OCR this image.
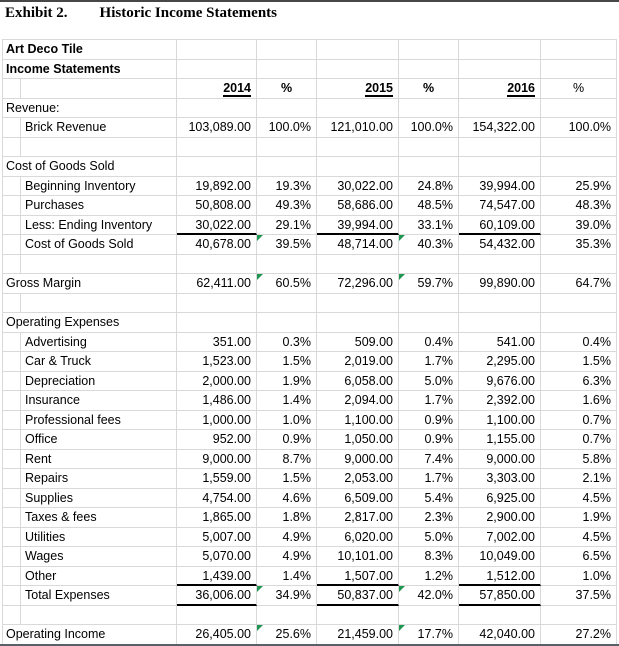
Exhibit 2. Historic Income Statements
Art Deco Tile
Income Statements
2014	%	2015	%	2016	%
Revenue:
Brick Revenue	103,089.00	100.0%	121,010.00	100.0%	154,322.00	100.0%
Cost of Goods Sold
Beginning Inventory	19,892.00	19.3%	30,022.00	24.8%	39,994.00	25.9%
Purchases	50,808.00	49.3%	58,686.00	48.5%	74,547.00	48.3%
Less: Ending Inventory	30,022.00	29.1%	39,994.00	33.1%	60,109.00	39.0%
Cost of Goods Sold	40,678.00	39.5%	48,714.00	40.3%	54,432.00	35.3%
Gross Margin	62,411.00	60.5%	72,296.00	59.7%	99,890.00	64.7%
Operating Expenses
Advertising	351.00	0.3%	509.00	0.4%	541.00	0.4%
Car & Truck	1,523.00	1.5%	2,019.00	1.7%	2,295.00	1.5%
Depreciation	2,000.00	1.9%	6,058.00	5.0%	9,676.00	6.3%
Insurance	1,486.00	1.4%	2,094.00	1.7%	2,392.00	1.6%
Professional fees	1,000.00	1.0%	1,100.00	0.9%	1,100.00	0.7%
Office	952.00	0.9%	1,050.00	0.9%	1,155.00	0.7%
Rent	9,000.00	8.7%	9,000.00	7.4%	9,000.00	5.8%
Repairs	1,559.00	1.5%	2,053.00	1.7%	3,303.00	2.1%
Supplies	4,754.00	4.6%	6,509.00	5.4%	6,925.00	4.5%
Taxes & fees	1,865.00	1.8%	2,817.00	2.3%	2,900.00	1.9%
Utilities	5,007.00	4.9%	6,020.00	5.0%	7,002.00	4.5%
Wages	5,070.00	4.9%	10,101.00	8.3%	10,049.00	6.5%
Other	1,439.00	1.4%	1,507.00	1.2%	1,512.00	1.0%
Total Expenses	36,006.00	34.9%	50,837.00	42.0%	57,850.00	37.5%
Operating Income	26,405.00	25.6%	21,459.00	17.7%	42,040.00	27.2%
